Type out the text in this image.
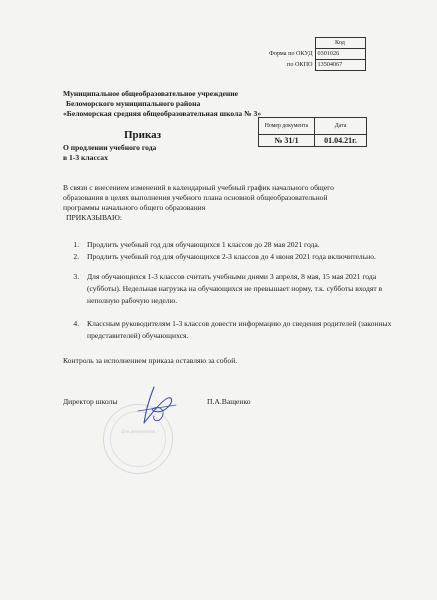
	Код
Форма по ОКУД	0301026
по ОКПО	13504067
Муниципальное общеобразовательное учреждение
Беломорского муниципального района
«Беломорская средняя общеобразовательная школа № 3»
Приказ
Номер документа	Дата
№ 31/1	01.04.21г.
О продлении учебного года
в 1-3 классах
В связи с внесением изменений в календарный учебный график начального общего
образования в целях выполнения учебного плана основной общеобразовательной
программы начального общего образования
ПРИКАЗЫВАЮ:
1. Продлить учебный год для обучающихся 1 классов до 28 мая 2021 года.
2. Продлить учебный год для обучающихся 2-3 классов до 4 июня 2021 года включительно.
3. Для обучающихся 1-3 классов считать учебными днями 3 апреля, 8 мая, 15 мая 2021 года (субботы). Недельная нагрузка на обучающихся не превышает норму, т.к. субботы входят в неполную рабочую неделю.
4. Классным руководителям 1-3 классов довести информацию до сведения родителей (законных представителей) обучающихся.
Контроль за исполнением приказа оставляю за собой.
Директор школы	П.А.Ващенко
Для документов
